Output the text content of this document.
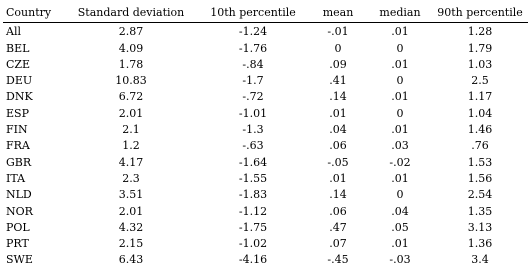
Country	Standard deviation	10th percentile	mean	median	90th percentile
All	2.87	-1.24	-.01	.01	1.28
BEL	4.09	-1.76	0	0	1.79
CZE	1.78	-.84	.09	.01	1.03
DEU	10.83	-1.7	.41	0	2.5
DNK	6.72	-.72	.14	.01	1.17
ESP	2.01	-1.01	.01	0	1.04
FIN	2.1	-1.3	.04	.01	1.46
FRA	1.2	-.63	.06	.03	.76
GBR	4.17	-1.64	-.05	-.02	1.53
ITA	2.3	-1.55	.01	.01	1.56
NLD	3.51	-1.83	.14	0	2.54
NOR	2.01	-1.12	.06	.04	1.35
POL	4.32	-1.75	.47	.05	3.13
PRT	2.15	-1.02	.07	.01	1.36
SWE	6.43	-4.16	-.45	-.03	3.4
